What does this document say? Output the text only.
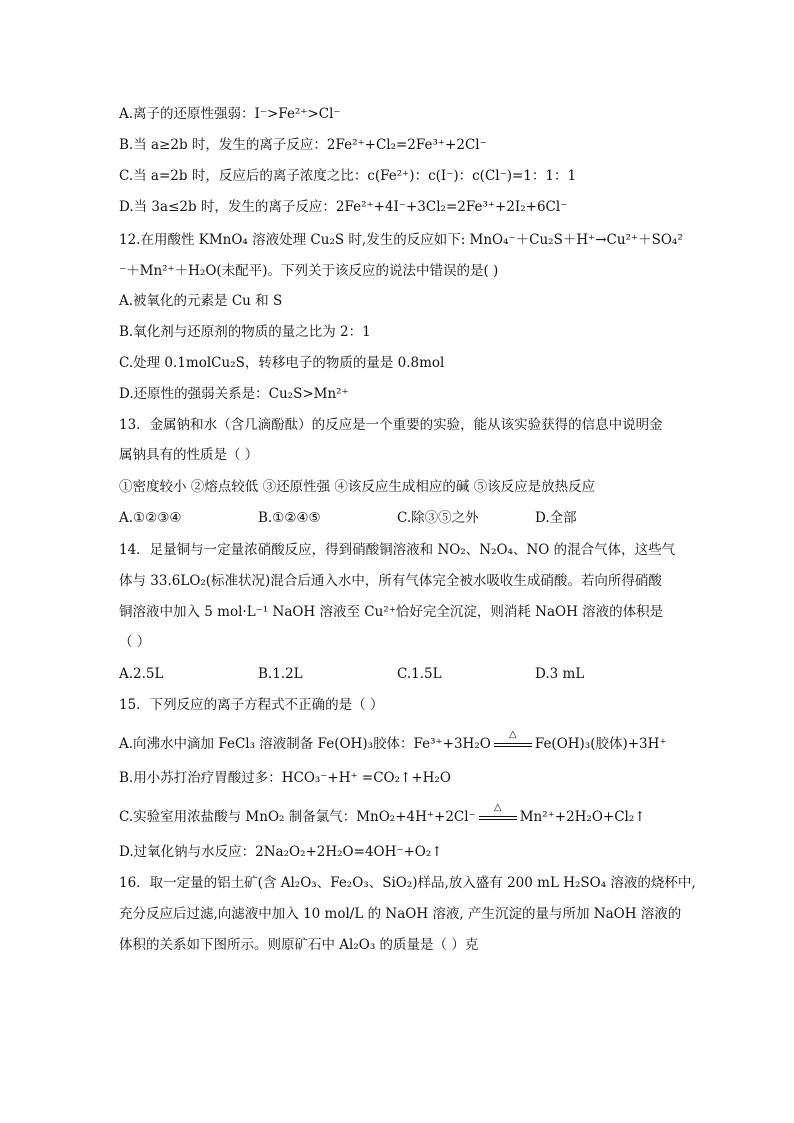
A.离子的还原性强弱：I⁻>Fe²⁺>Cl⁻
B.当 a≥2b 时，发生的离子反应：2Fe²⁺+Cl₂=2Fe³⁺+2Cl⁻
C.当 a=2b 时，反应后的离子浓度之比：c(Fe²⁺)：c(I⁻)：c(Cl⁻)=1：1：1
D.当 3a≤2b 时，发生的离子反应：2Fe²⁺+4I⁻+3Cl₂=2Fe³⁺+2I₂+6Cl⁻
12.在用酸性 KMnO₄ 溶液处理 Cu₂S 时,发生的反应如下: MnO₄⁻＋Cu₂S＋H⁺→Cu²⁺＋SO₄²
⁻＋Mn²⁺＋H₂O(未配平)。下列关于该反应的说法中错误的是( )
A.被氧化的元素是 Cu 和 S
B.氧化剂与还原剂的物质的量之比为 2：1
C.处理 0.1molCu₂S，转移电子的物质的量是 0.8mol
D.还原性的强弱关系是：Cu₂S>Mn²⁺
13．金属钠和水（含几滴酚酞）的反应是一个重要的实验，能从该实验获得的信息中说明金
属钠具有的性质是（ ）
①密度较小 ②熔点较低 ③还原性强 ④该反应生成相应的碱 ⑤该反应是放热反应
A.①②③④	B.①②④⑤	C.除③⑤之外	D.全部
14．足量铜与一定量浓硝酸反应，得到硝酸铜溶液和 NO₂、N₂O₄、NO 的混合气体，这些气
体与 33.6LO₂(标准状况)混合后通入水中，所有气体完全被水吸收生成硝酸。若向所得硝酸
铜溶液中加入 5 mol·L⁻¹ NaOH 溶液至 Cu²⁺恰好完全沉淀，则消耗 NaOH 溶液的体积是
（ ）
A.2.5L	B.1.2L	C.1.5L	D.3 mL
15．下列反应的离子方程式不正确的是（ ）
A.向沸水中滴加 FeCl₃ 溶液制备 Fe(OH)₃胶体：Fe³⁺+3H₂O
△
Fe(OH)₃(胶体)+3H⁺
B.用小苏打治疗胃酸过多：HCO₃⁻+H⁺ =CO₂↑+H₂O
C.实验室用浓盐酸与 MnO₂ 制备氯气：MnO₂+4H⁺+2Cl⁻
△
Mn²⁺+2H₂O+Cl₂↑
D.过氧化钠与水反应：2Na₂O₂+2H₂O=4OH⁻+O₂↑
16．取一定量的铝土矿(含 Al₂O₃、Fe₂O₃、SiO₂)样品,放入盛有 200 mL H₂SO₄ 溶液的烧杯中,
充分反应后过滤,向滤液中加入 10 mol/L 的 NaOH 溶液, 产生沉淀的量与所加 NaOH 溶液的
体积的关系如下图所示。则原矿石中 Al₂O₃ 的质量是（ ）克
